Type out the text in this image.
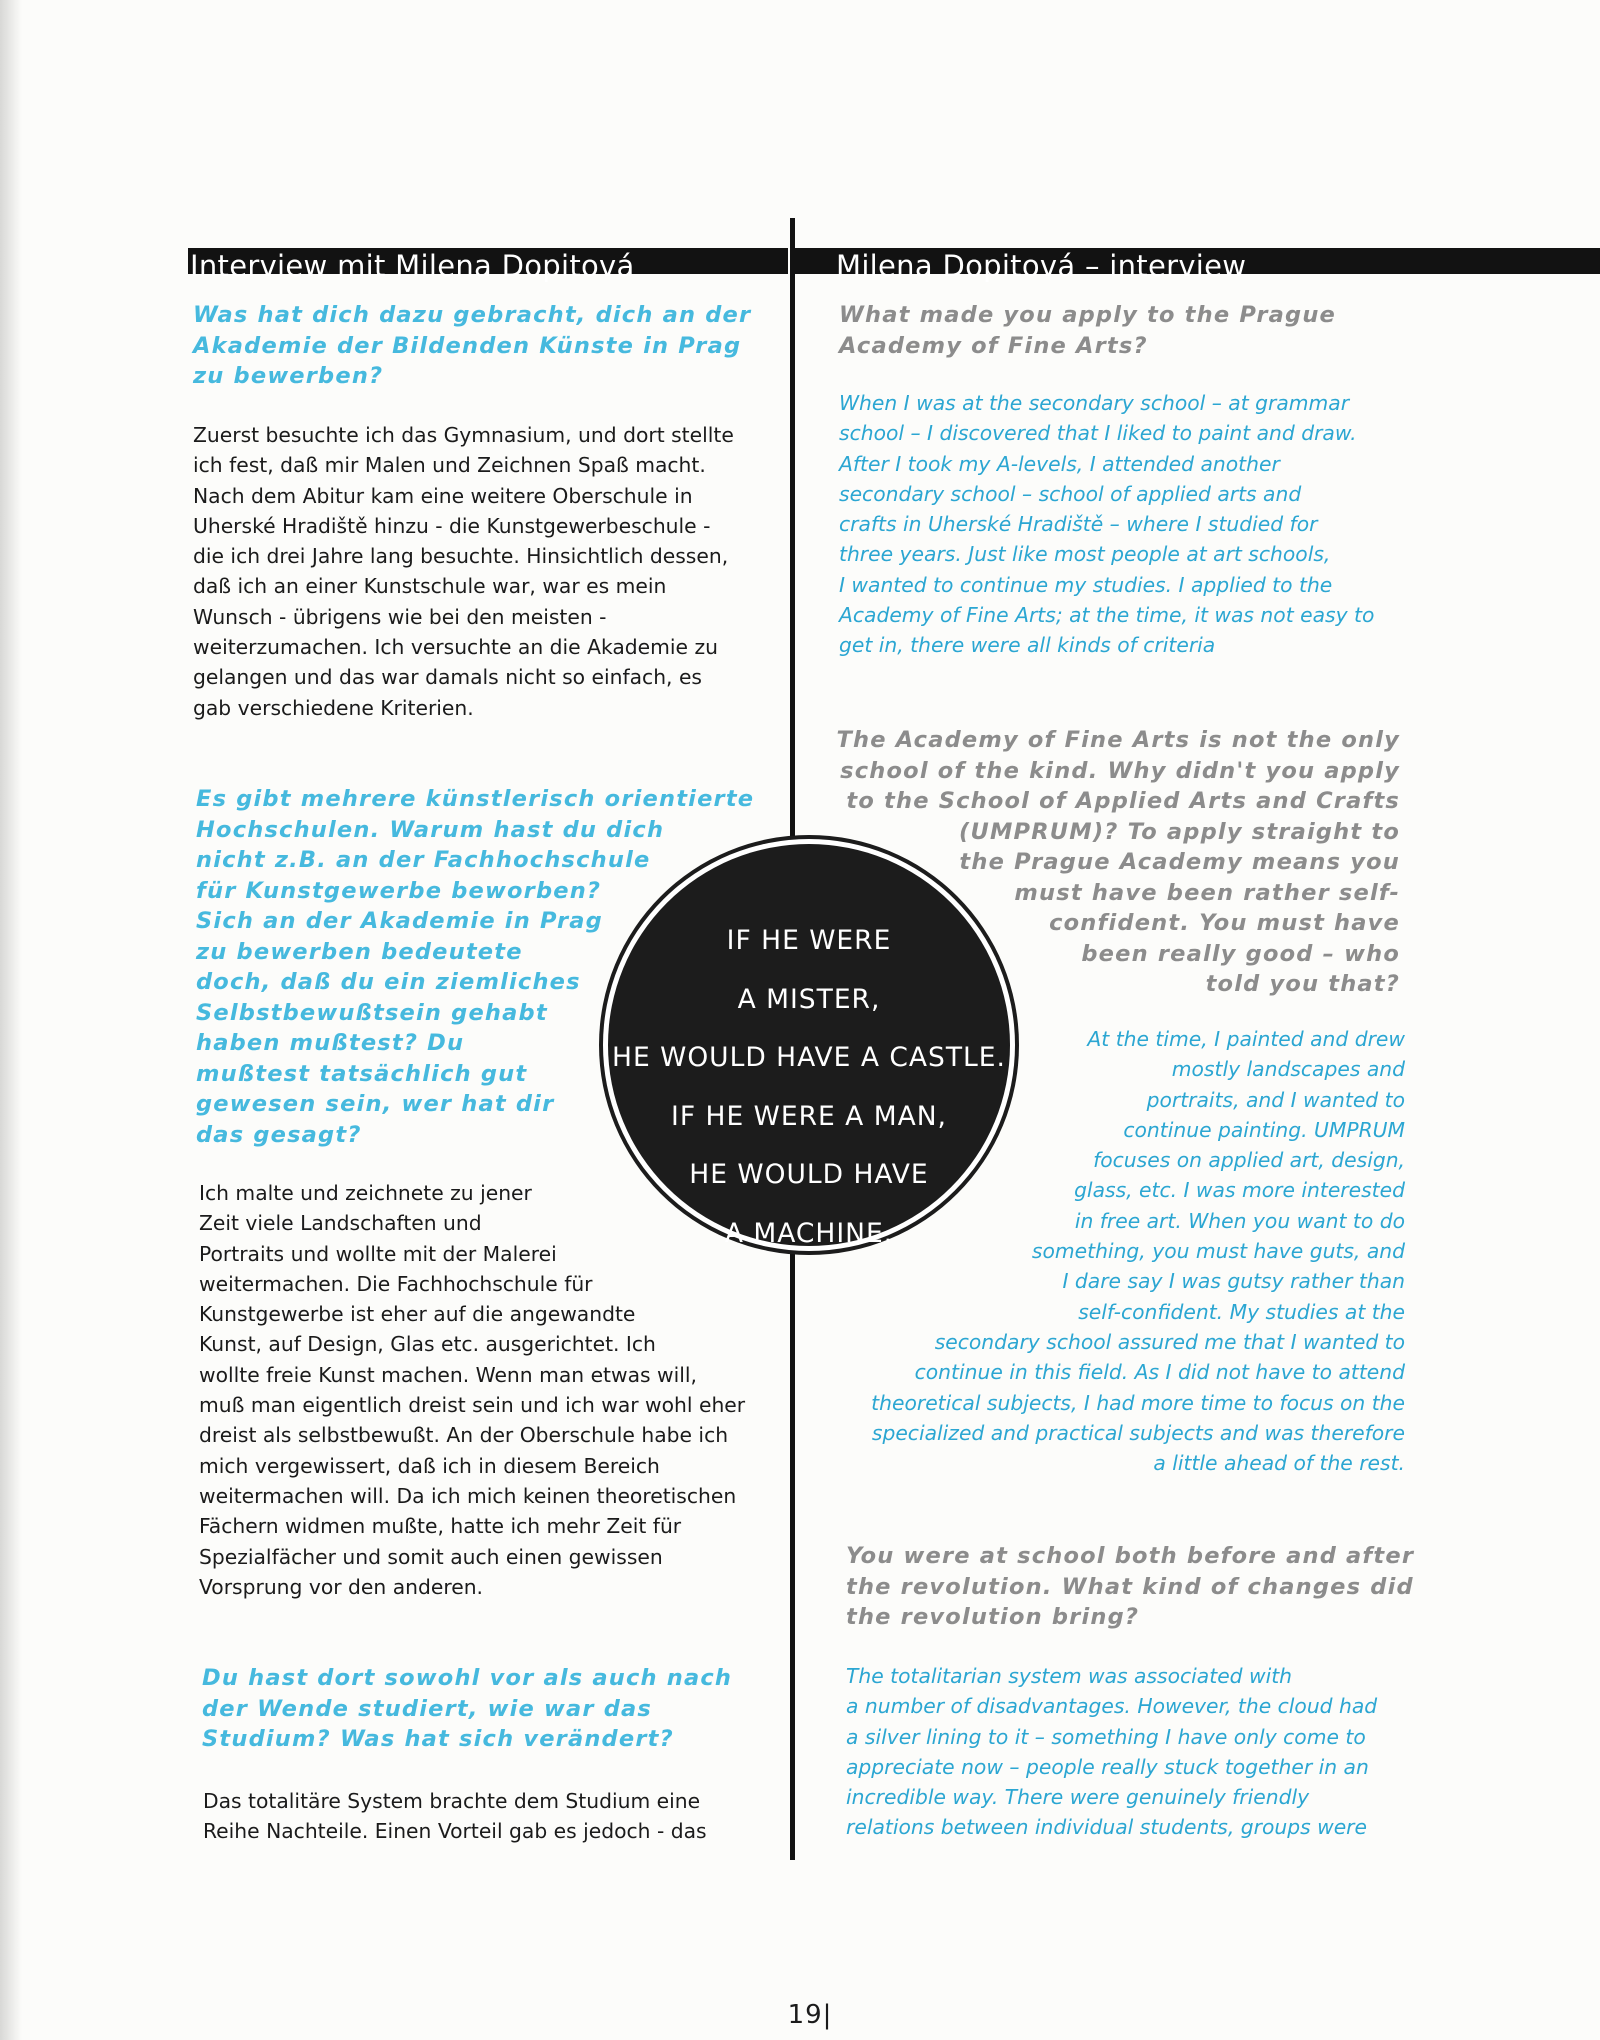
Interview mit Milena Dopitová	Milena Dopitová – interview
Was hat dich dazu gebracht, dich an der
Akademie der Bildenden Künste in Prag
zu bewerben?
Zuerst besuchte ich das Gymnasium, und dort stellte
ich fest, daß mir Malen und Zeichnen Spaß macht.
Nach dem Abitur kam eine weitere Oberschule in
Uherské Hradiště hinzu - die Kunstgewerbeschule -
die ich drei Jahre lang besuchte. Hinsichtlich dessen,
daß ich an einer Kunstschule war, war es mein
Wunsch - übrigens wie bei den meisten -
weiterzumachen. Ich versuchte an die Akademie zu
gelangen und das war damals nicht so einfach, es
gab verschiedene Kriterien.
Es gibt mehrere künstlerisch orientierte
Hochschulen. Warum hast du dich
nicht z.B. an der Fachhochschule
für Kunstgewerbe beworben?
Sich an der Akademie in Prag
zu bewerben bedeutete
doch, daß du ein ziemliches
Selbstbewußtsein gehabt
haben mußtest? Du
mußtest tatsächlich gut
gewesen sein, wer hat dir
das gesagt?
Ich malte und zeichnete zu jener
Zeit viele Landschaften und
Portraits und wollte mit der Malerei
weitermachen. Die Fachhochschule für
Kunstgewerbe ist eher auf die angewandte
Kunst, auf Design, Glas etc. ausgerichtet. Ich
wollte freie Kunst machen. Wenn man etwas will,
muß man eigentlich dreist sein und ich war wohl eher
dreist als selbstbewußt. An der Oberschule habe ich
mich vergewissert, daß ich in diesem Bereich
weitermachen will. Da ich mich keinen theoretischen
Fächern widmen mußte, hatte ich mehr Zeit für
Spezialfächer und somit auch einen gewissen
Vorsprung vor den anderen.
Du hast dort sowohl vor als auch nach
der Wende studiert, wie war das
Studium? Was hat sich verändert?
Das totalitäre System brachte dem Studium eine
Reihe Nachteile. Einen Vorteil gab es jedoch - das
What made you apply to the Prague
Academy of Fine Arts?
When I was at the secondary school – at grammar
school – I discovered that I liked to paint and draw.
After I took my A-levels, I attended another
secondary school – school of applied arts and
crafts in Uherské Hradiště – where I studied for
three years. Just like most people at art schools,
I wanted to continue my studies. I applied to the
Academy of Fine Arts; at the time, it was not easy to
get in, there were all kinds of criteria
The Academy of Fine Arts is not the only
school of the kind. Why didn't you apply
to the School of Applied Arts and Crafts
(UMPRUM)? To apply straight to
the Prague Academy means you
must have been rather self-
confident. You must have
been really good – who
told you that?
At the time, I painted and drew
mostly landscapes and
portraits, and I wanted to
continue painting. UMPRUM
focuses on applied art, design,
glass, etc. I was more interested
in free art. When you want to do
something, you must have guts, and
I dare say I was gutsy rather than
self-confident. My studies at the
secondary school assured me that I wanted to
continue in this field. As I did not have to attend
theoretical subjects, I had more time to focus on the
specialized and practical subjects and was therefore
a little ahead of the rest.
You were at school both before and after
the revolution. What kind of changes did
the revolution bring?
The totalitarian system was associated with
a number of disadvantages. However, the cloud had
a silver lining to it – something I have only come to
appreciate now – people really stuck together in an
incredible way. There were genuinely friendly
relations between individual students, groups were
IF HE WERE
A MISTER,
HE WOULD HAVE A CASTLE.
IF HE WERE A MAN,
HE WOULD HAVE
A MACHINE.
19|
